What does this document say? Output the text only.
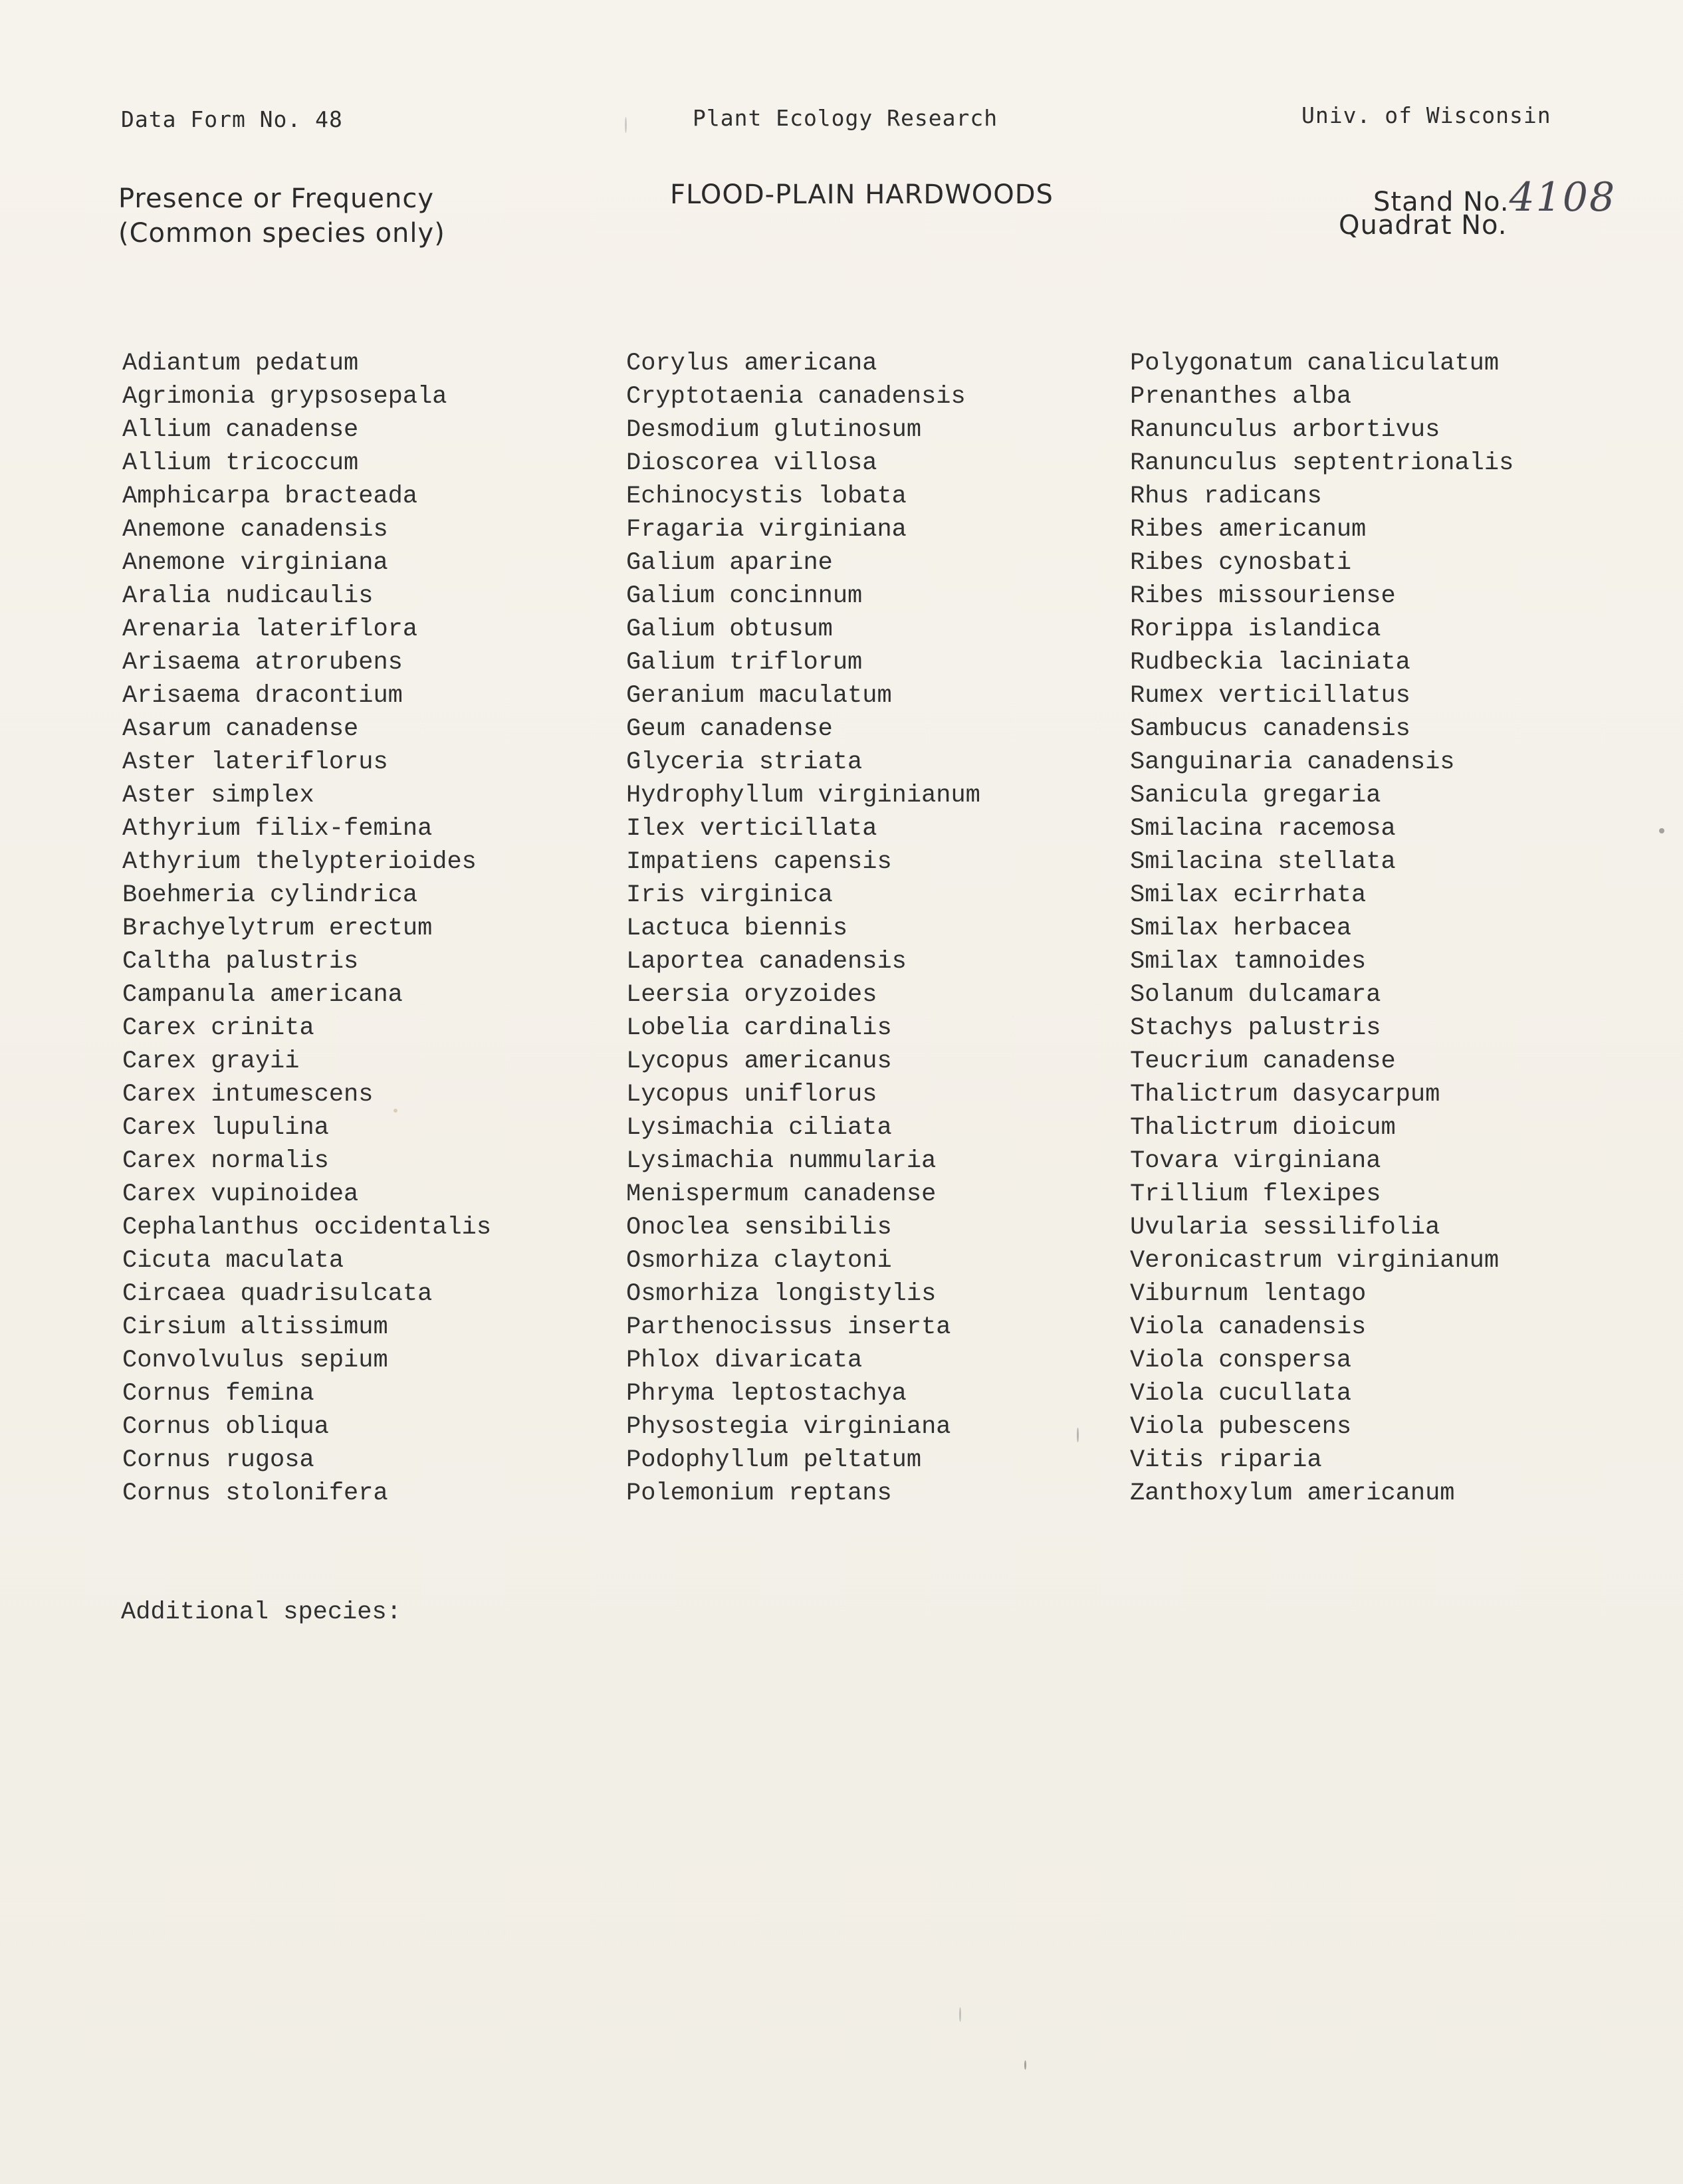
Data Form No. 48	Plant Ecology Research	Univ. of Wisconsin
Presence or Frequency
(Common species only)
FLOOD-PLAIN HARDWOODS	Stand No.4108
Quadrat No.
Adiantum pedatum
Agrimonia grypsosepala
Allium canadense
Allium tricoccum
Amphicarpa bracteada
Anemone canadensis
Anemone virginiana
Aralia nudicaulis
Arenaria lateriflora
Arisaema atrorubens
Arisaema dracontium
Asarum canadense
Aster lateriflorus
Aster simplex
Athyrium filix-femina
Athyrium thelypterioides
Boehmeria cylindrica
Brachyelytrum erectum
Caltha palustris
Campanula americana
Carex crinita
Carex grayii
Carex intumescens
Carex lupulina
Carex normalis
Carex vupinoidea
Cephalanthus occidentalis
Cicuta maculata
Circaea quadrisulcata
Cirsium altissimum
Convolvulus sepium
Cornus femina
Cornus obliqua
Cornus rugosa
Cornus stolonifera
Corylus americana
Cryptotaenia canadensis
Desmodium glutinosum
Dioscorea villosa
Echinocystis lobata
Fragaria virginiana
Galium aparine
Galium concinnum
Galium obtusum
Galium triflorum
Geranium maculatum
Geum canadense
Glyceria striata
Hydrophyllum virginianum
Ilex verticillata
Impatiens capensis
Iris virginica
Lactuca biennis
Laportea canadensis
Leersia oryzoides
Lobelia cardinalis
Lycopus americanus
Lycopus uniflorus
Lysimachia ciliata
Lysimachia nummularia
Menispermum canadense
Onoclea sensibilis
Osmorhiza claytoni
Osmorhiza longistylis
Parthenocissus inserta
Phlox divaricata
Phryma leptostachya
Physostegia virginiana
Podophyllum peltatum
Polemonium reptans
Polygonatum canaliculatum
Prenanthes alba
Ranunculus arbortivus
Ranunculus septentrionalis
Rhus radicans
Ribes americanum
Ribes cynosbati
Ribes missouriense
Rorippa islandica
Rudbeckia laciniata
Rumex verticillatus
Sambucus canadensis
Sanguinaria canadensis
Sanicula gregaria
Smilacina racemosa
Smilacina stellata
Smilax ecirrhata
Smilax herbacea
Smilax tamnoides
Solanum dulcamara
Stachys palustris
Teucrium canadense
Thalictrum dasycarpum
Thalictrum dioicum
Tovara virginiana
Trillium flexipes
Uvularia sessilifolia
Veronicastrum virginianum
Viburnum lentago
Viola canadensis
Viola conspersa
Viola cucullata
Viola pubescens
Vitis riparia
Zanthoxylum americanum
Additional species:
